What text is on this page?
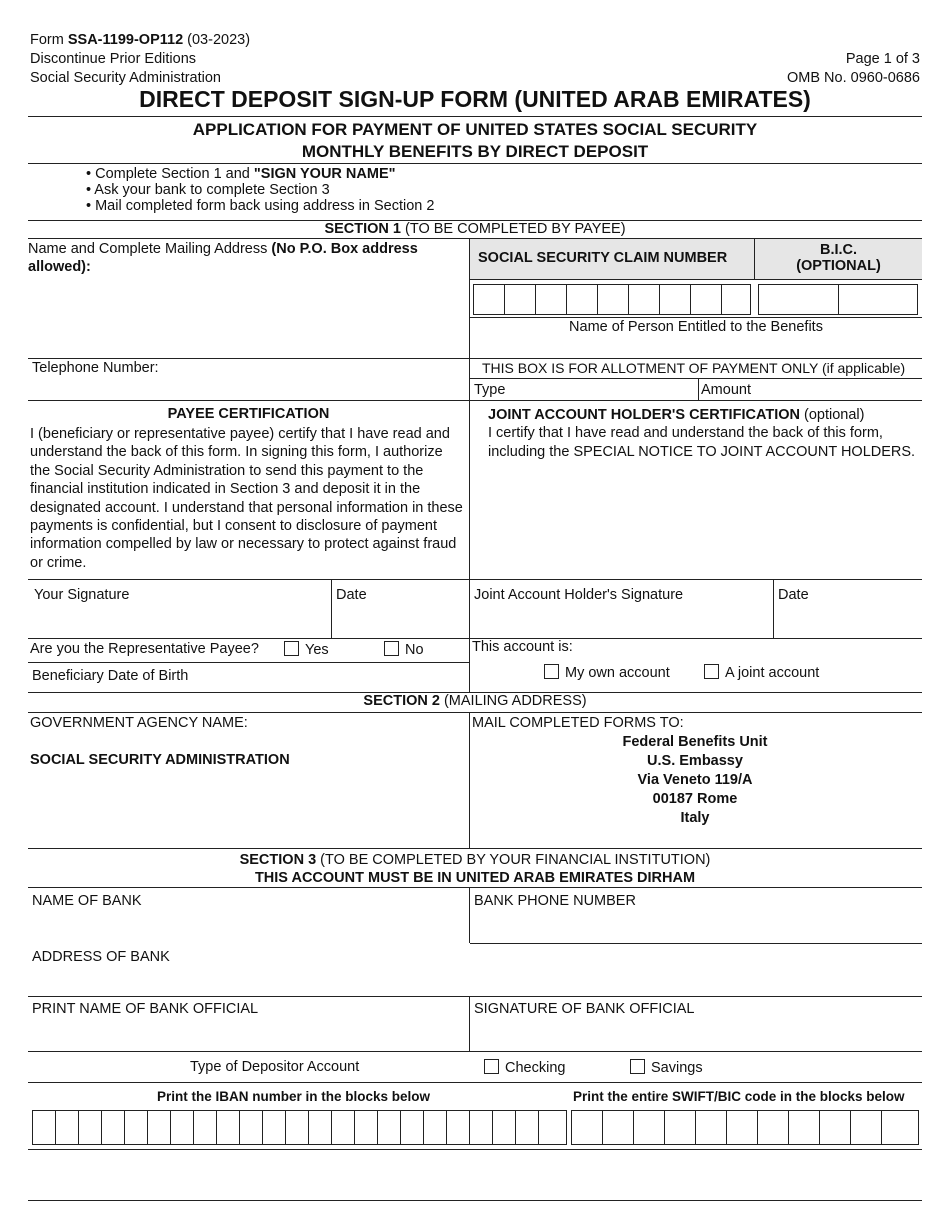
Form SSA-1199-OP112 (03-2023)
Discontinue Prior Editions
Social Security Administration
Page 1 of 3
OMB No. 0960-0686
DIRECT DEPOSIT SIGN-UP FORM (UNITED ARAB EMIRATES)
APPLICATION FOR PAYMENT OF UNITED STATES SOCIAL SECURITY
MONTHLY BENEFITS BY DIRECT DEPOSIT
• Complete Section 1 and "SIGN YOUR NAME"
• Ask your bank to complete Section 3
• Mail completed form back using address in Section 2
SECTION 1 (TO BE COMPLETED BY PAYEE)
Name and Complete Mailing Address (No P.O. Box address allowed):
SOCIAL SECURITY CLAIM NUMBER	B.I.C.
(OPTIONAL)
Name of Person Entitled to the Benefits
Telephone Number:	THIS BOX IS FOR ALLOTMENT OF PAYMENT ONLY (if applicable)
Type	Amount
PAYEE CERTIFICATION
I (beneficiary or representative payee) certify that I have read and understand the back of this form. In signing this form, I authorize the Social Security Administration to send this payment to the financial institution indicated in Section 3 and deposit it in the designated account. I understand that personal information in these payments is confidential, but I consent to disclosure of payment information compelled by law or necessary to protect against fraud or crime.
JOINT ACCOUNT HOLDER'S CERTIFICATION (optional)
I certify that I have read and understand the back of this form, including the SPECIAL NOTICE TO JOINT ACCOUNT HOLDERS.
Your Signature	Date	Joint Account Holder's Signature	Date
Are you the Representative Payee?	Yes	No	This account is:
Beneficiary Date of Birth	My own account	A joint account
SECTION 2 (MAILING ADDRESS)
GOVERNMENT AGENCY NAME:
SOCIAL SECURITY ADMINISTRATION
MAIL COMPLETED FORMS TO:
Federal Benefits Unit
U.S. Embassy
Via Veneto 119/A
00187 Rome
Italy
SECTION 3 (TO BE COMPLETED BY YOUR FINANCIAL INSTITUTION)
THIS ACCOUNT MUST BE IN UNITED ARAB EMIRATES DIRHAM
NAME OF BANK	BANK PHONE NUMBER
ADDRESS OF BANK
PRINT NAME OF BANK OFFICIAL	SIGNATURE OF BANK OFFICIAL
Type of Depositor Account	Checking	Savings
Print the IBAN number in the blocks below	Print the entire SWIFT/BIC code in the blocks below
